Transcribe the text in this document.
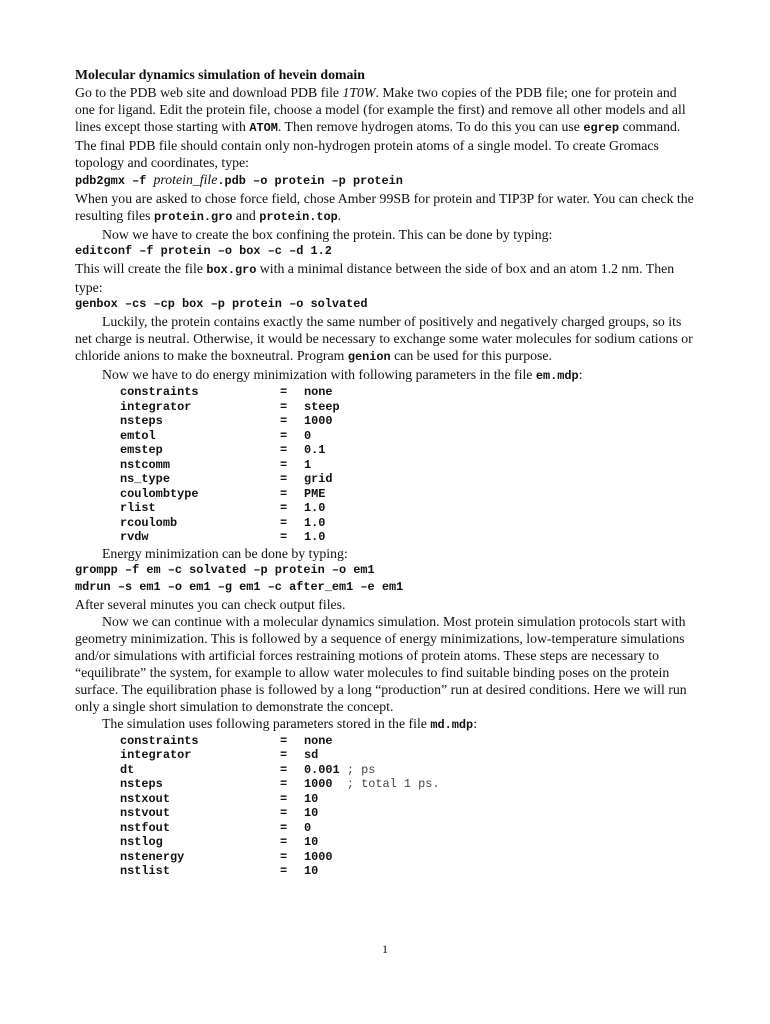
Molecular dynamics simulation of hevein domain

Go to the PDB web site and download PDB file 1T0W. Make two copies of the PDB file; one for protein and one for ligand. Edit the protein file, choose a model (for example the first) and remove all other models and all lines except those starting with ATOM. Then remove hydrogen atoms. To do this you can use egrep command. The final PDB file should contain only non-hydrogen protein atoms of a single model. To create Gromacs topology and coordinates, type:

pdb2gmx –f protein_file.pdb –o protein –p protein

When you are asked to chose force field, chose Amber 99SB for protein and TIP3P for water. You can check the resulting files protein.gro and protein.top.

Now we have to create the box confining the protein. This can be done by typing:

editconf –f protein –o box –c –d 1.2

This will create the file box.gro with a minimal distance between the side of box and an atom 1.2 nm. Then type:

genbox –cs –cp box –p protein –o solvated

Luckily, the protein contains exactly the same number of positively and negatively charged groups, so its net charge is neutral. Otherwise, it would be necessary to exchange some water molecules for sodium cations or chloride anions to make the boxneutral. Program genion can be used for this purpose.

Now we have to do energy minimization with following parameters in the file em.mdp:

constraints	=	none
integrator	=	steep
nsteps	=	1000
emtol	=	0
emstep	=	0.1
nstcomm	=	1
ns_type	=	grid
coulombtype	=	PME
rlist	=	1.0
rcoulomb	=	1.0
rvdw	=	1.0

Energy minimization can be done by typing:

grompp –f em –c solvated –p protein –o em1
mdrun –s em1 –o em1 –g em1 –c after_em1 –e em1

After several minutes you can check output files.

Now we can continue with a molecular dynamics simulation. Most protein simulation protocols start with geometry minimization. This is followed by a sequence of energy minimizations, low-temperature simulations and/or simulations with artificial forces restraining motions of protein atoms. These steps are necessary to “equilibrate” the system, for example to allow water molecules to find suitable binding poses on the protein surface. The equilibration phase is followed by a long “production” run at desired conditions. Here we will run only a single short simulation to demonstrate the concept.

The simulation uses following parameters stored in the file md.mdp:

constraints	=	none
integrator	=	sd
dt	=	0.001 ; ps
nsteps	=	1000 ; total 1 ps.
nstxout	=	10
nstvout	=	10
nstfout	=	0
nstlog	=	10
nstenergy	=	1000
nstlist	=	10
1
